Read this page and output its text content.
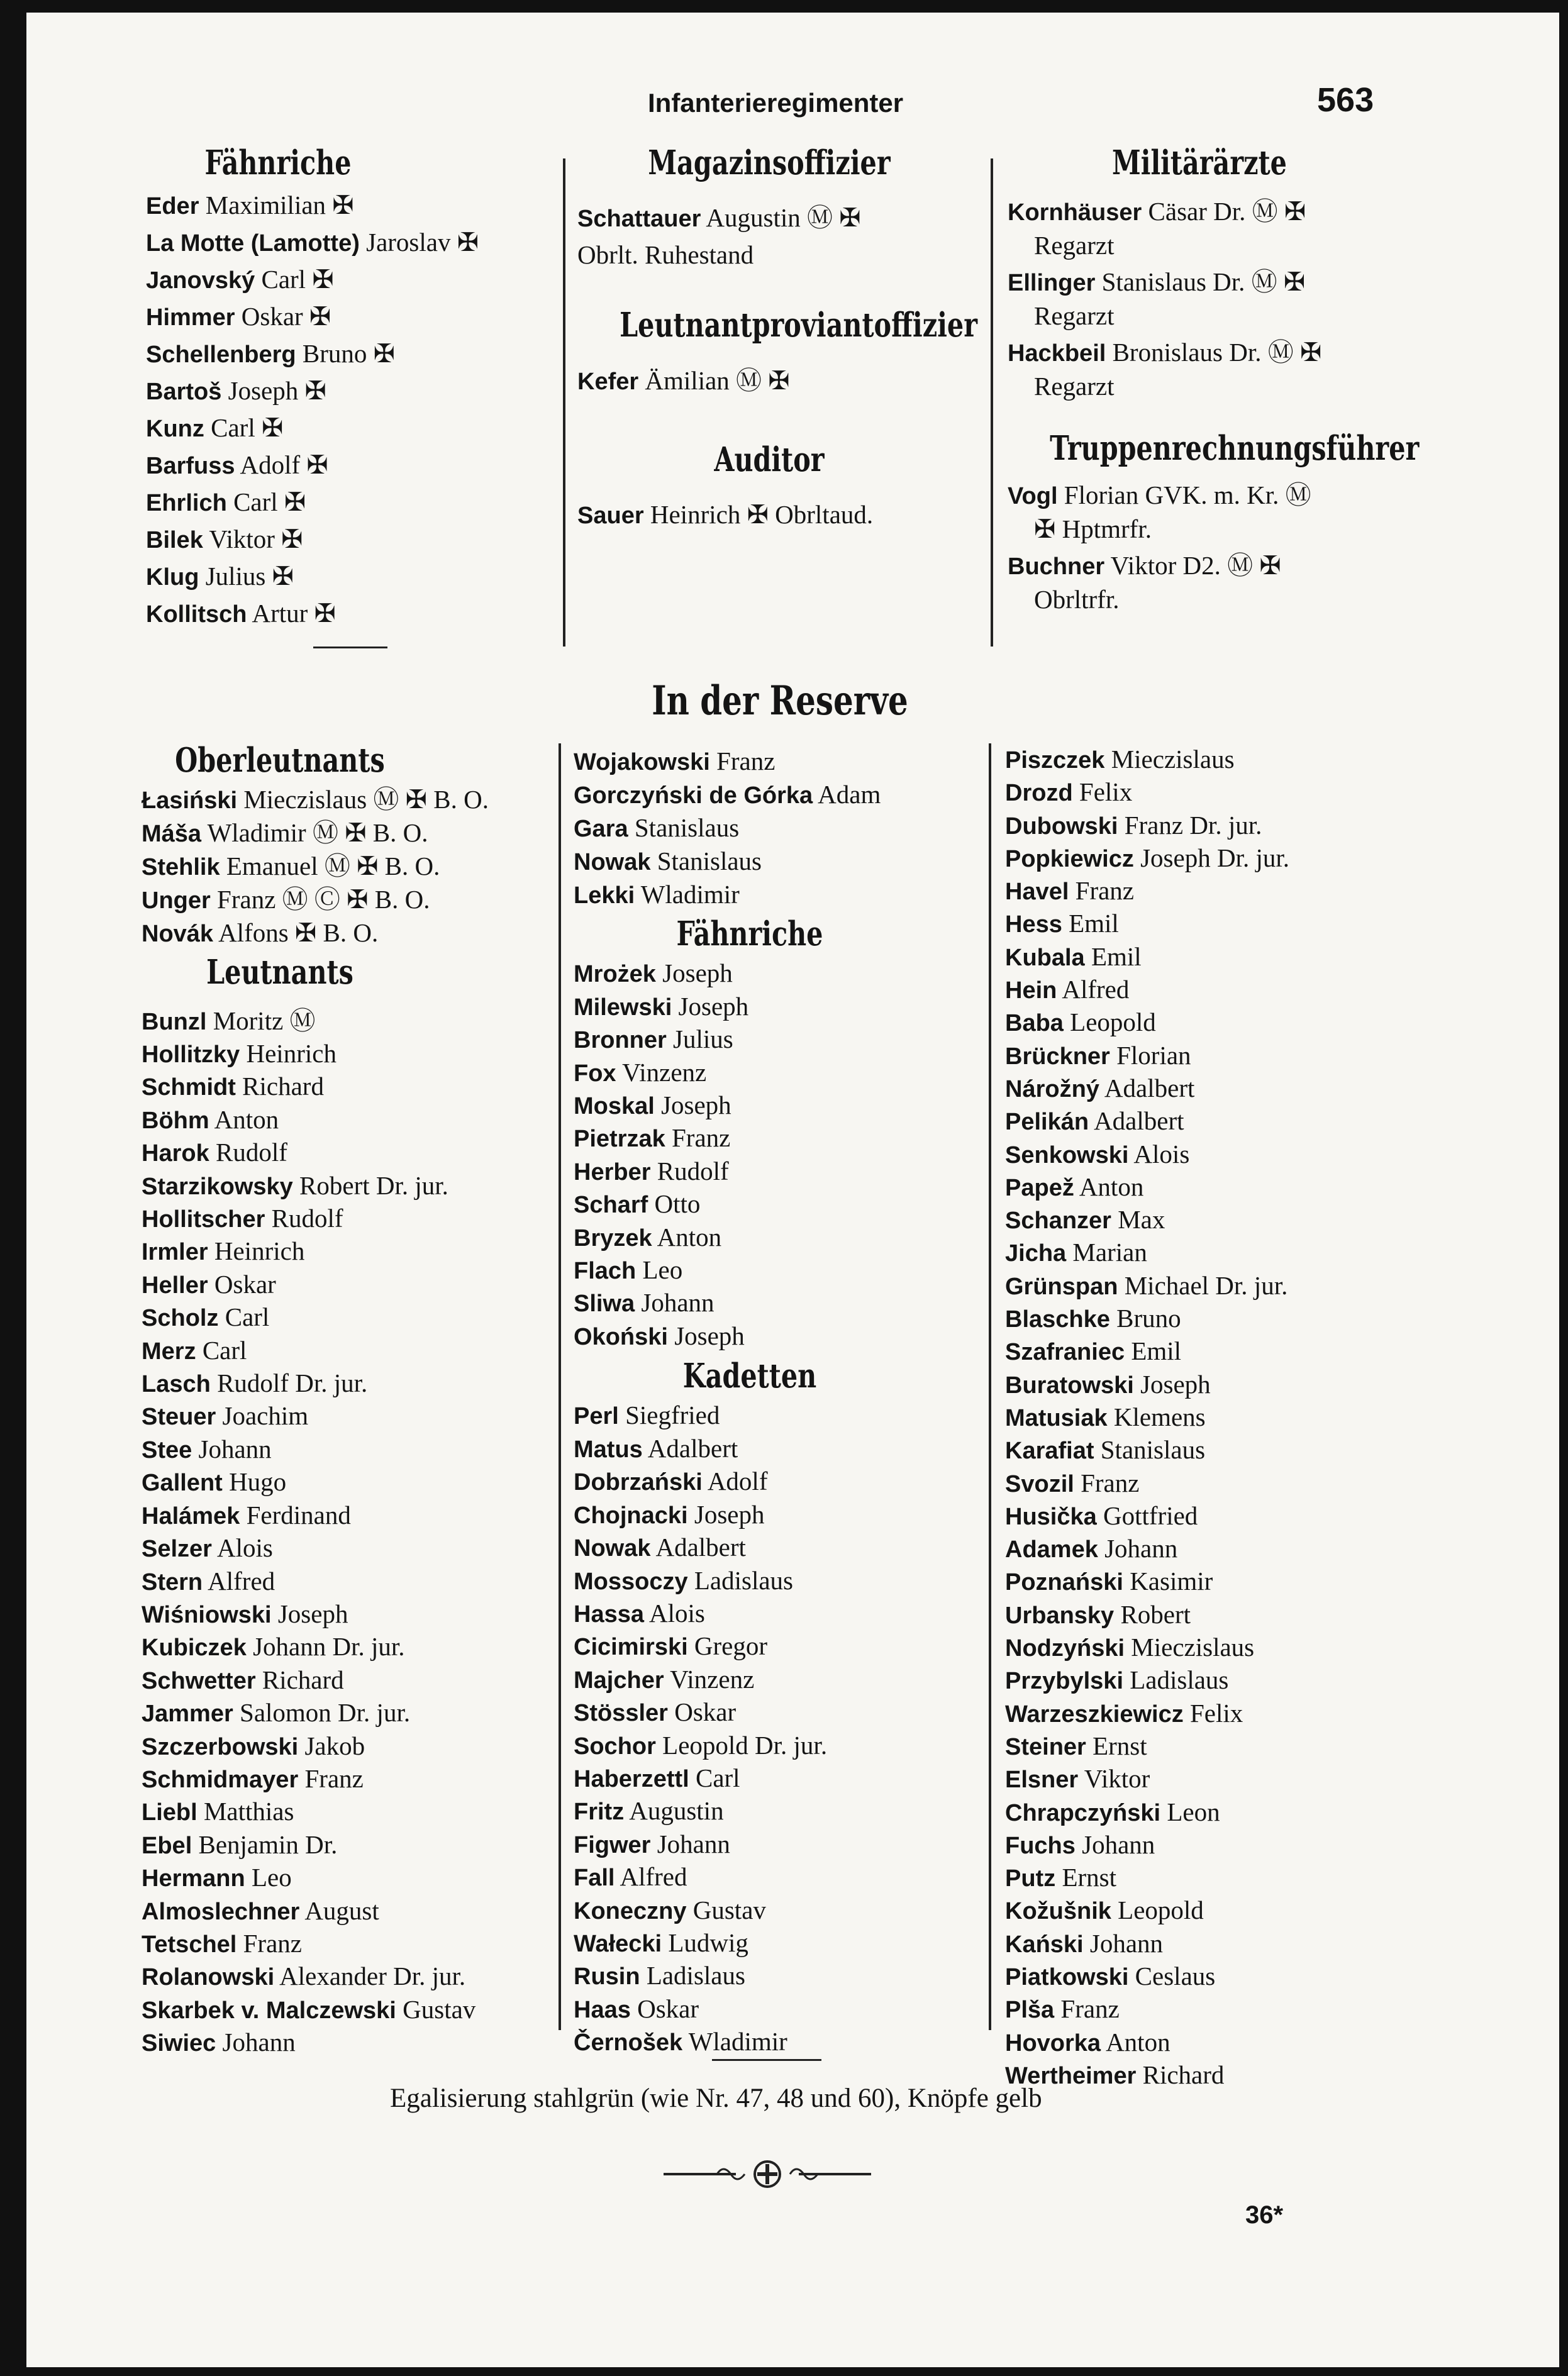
Infanterieregimenter	563
Fähnriche
Eder Maximilian ✠
La Motte (Lamotte) Jaroslav ✠
Janovský Carl ✠
Himmer Oskar ✠
Schellenberg Bruno ✠
Bartoš Joseph ✠
Kunz Carl ✠
Barfuss Adolf ✠
Ehrlich Carl ✠
Bilek Viktor ✠
Klug Julius ✠
Kollitsch Artur ✠
Magazinsoffizier
Schattauer Augustin Ⓜ ✠
Obrlt. Ruhestand
Leutnantproviantoffizier
Kefer Ämilian Ⓜ ✠
Auditor
Sauer Heinrich ✠ Obrltaud.
Militärärzte
Kornhäuser Cäsar Dr. Ⓜ ✠
Regarzt
Ellinger Stanislaus Dr. Ⓜ ✠
Regarzt
Hackbeil Bronislaus Dr. Ⓜ ✠
Regarzt
Truppenrechnungsführer
Vogl Florian GVK. m. Kr. Ⓜ
✠ Hptmrfr.
Buchner Viktor D2. Ⓜ ✠
Obrltrfr.
In der Reserve
Oberleutnants
Łasiński Mieczislaus Ⓜ ✠ B. O.
Máša Wladimir Ⓜ ✠ B. O.
Stehlik Emanuel Ⓜ ✠ B. O.
Unger Franz Ⓜ Ⓒ ✠ B. O.
Novák Alfons ✠ B. O.
Leutnants
Bunzl Moritz Ⓜ
Hollitzky Heinrich
Schmidt Richard
Böhm Anton
Harok Rudolf
Starzikowsky Robert Dr. jur.
Hollitscher Rudolf
Irmler Heinrich
Heller Oskar
Scholz Carl
Merz Carl
Lasch Rudolf Dr. jur.
Steuer Joachim
Stee Johann
Gallent Hugo
Halámek Ferdinand
Selzer Alois
Stern Alfred
Wiśniowski Joseph
Kubiczek Johann Dr. jur.
Schwetter Richard
Jammer Salomon Dr. jur.
Szczerbowski Jakob
Schmidmayer Franz
Liebl Matthias
Ebel Benjamin Dr.
Hermann Leo
Almoslechner August
Tetschel Franz
Rolanowski Alexander Dr. jur.
Skarbek v. Malczewski Gustav
Siwiec Johann
Wojakowski Franz
Gorczyński de Górka Adam
Gara Stanislaus
Nowak Stanislaus
Lekki Wladimir
Fähnriche
Mrożek Joseph
Milewski Joseph
Bronner Julius
Fox Vinzenz
Moskal Joseph
Pietrzak Franz
Herber Rudolf
Scharf Otto
Bryzek Anton
Flach Leo
Sliwa Johann
Okoński Joseph
Kadetten
Perl Siegfried
Matus Adalbert
Dobrzański Adolf
Chojnacki Joseph
Nowak Adalbert
Mossoczy Ladislaus
Hassa Alois
Cicimirski Gregor
Majcher Vinzenz
Stössler Oskar
Sochor Leopold Dr. jur.
Haberzettl Carl
Fritz Augustin
Figwer Johann
Fall Alfred
Koneczny Gustav
Wałecki Ludwig
Rusin Ladislaus
Haas Oskar
Černošek Wladimir
Piszczek Mieczislaus
Drozd Felix
Dubowski Franz Dr. jur.
Popkiewicz Joseph Dr. jur.
Havel Franz
Hess Emil
Kubala Emil
Hein Alfred
Baba Leopold
Brückner Florian
Nárožný Adalbert
Pelikán Adalbert
Senkowski Alois
Papež Anton
Schanzer Max
Jicha Marian
Grünspan Michael Dr. jur.
Blaschke Bruno
Szafraniec Emil
Buratowski Joseph
Matusiak Klemens
Karafiat Stanislaus
Svozil Franz
Husička Gottfried
Adamek Johann
Poznański Kasimir
Urbansky Robert
Nodzyński Mieczislaus
Przybylski Ladislaus
Warzeszkiewicz Felix
Steiner Ernst
Elsner Viktor
Chrapczyński Leon
Fuchs Johann
Putz Ernst
Kožušnik Leopold
Kański Johann
Piatkowski Ceslaus
Plša Franz
Hovorka Anton
Wertheimer Richard
Egalisierung stahlgrün (wie Nr. 47, 48 und 60), Knöpfe gelb
36*
